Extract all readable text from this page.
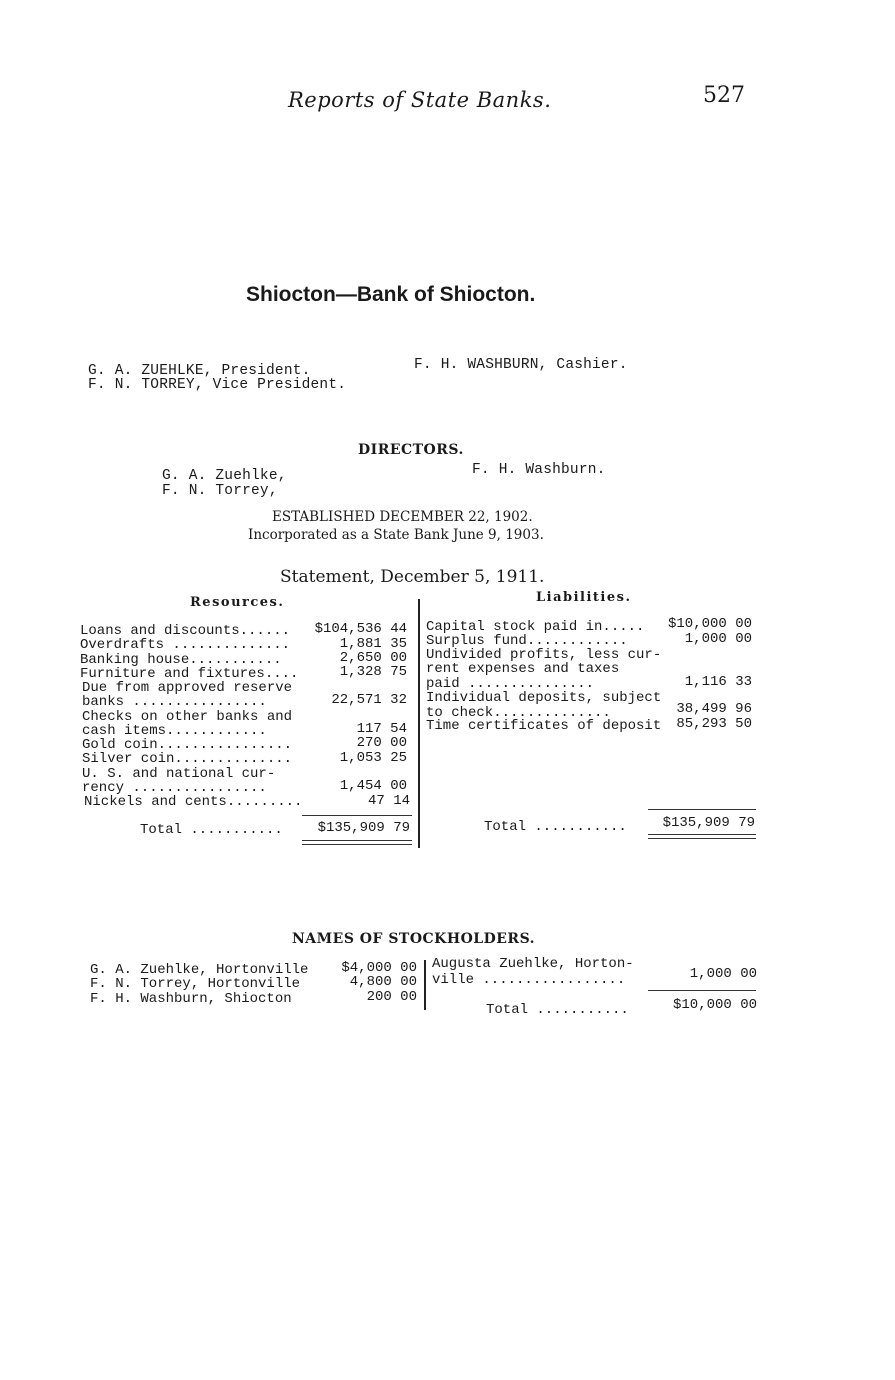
Reports of State Banks.	527
Shiocton—Bank of Shiocton.
G. A. ZUEHLKE, President.
F. N. TORREY, Vice President.
F. H. WASHBURN, Cashier.
DIRECTORS.
G. A. Zuehlke,
F. N. Torrey,
F. H. Washburn.
ESTABLISHED DECEMBER 22, 1902.
Incorporated as a State Bank June 9, 1903.
Statement, December 5, 1911.
Resources.	Liabilities.
Loans and discounts...... $104,536 44
Overdrafts ..............	1,881 35
Banking house...........	2,650 00
Furniture and fixtures....	1,328 75
Due from approved reserve
banks ................	22,571 32
Checks on other banks and
cash items............	117 54
Gold coin................	270 00
Silver coin..............	1,053 25
U. S. and national cur-
rency ................	1,454 00
Nickels and cents.........	47 14
Total ........... $135,909 79
Capital stock paid in..... $10,000 00
Surplus fund............	1,000 00
Undivided profits, less cur-
rent expenses and taxes
paid ...............	1,116 33
Individual deposits, subject
to check..............	38,499 96
Time certificates of deposit 85,293 50
Total ...........	$135,909 79
NAMES OF STOCKHOLDERS.
G. A. Zuehlke, Hortonville $4,000 00
F. N. Torrey, Hortonville	4,800 00
F. H. Washburn, Shiocton	200 00
Augusta Zuehlke, Horton-
ville .................	1,000 00
Total ...........	$10,000 00
